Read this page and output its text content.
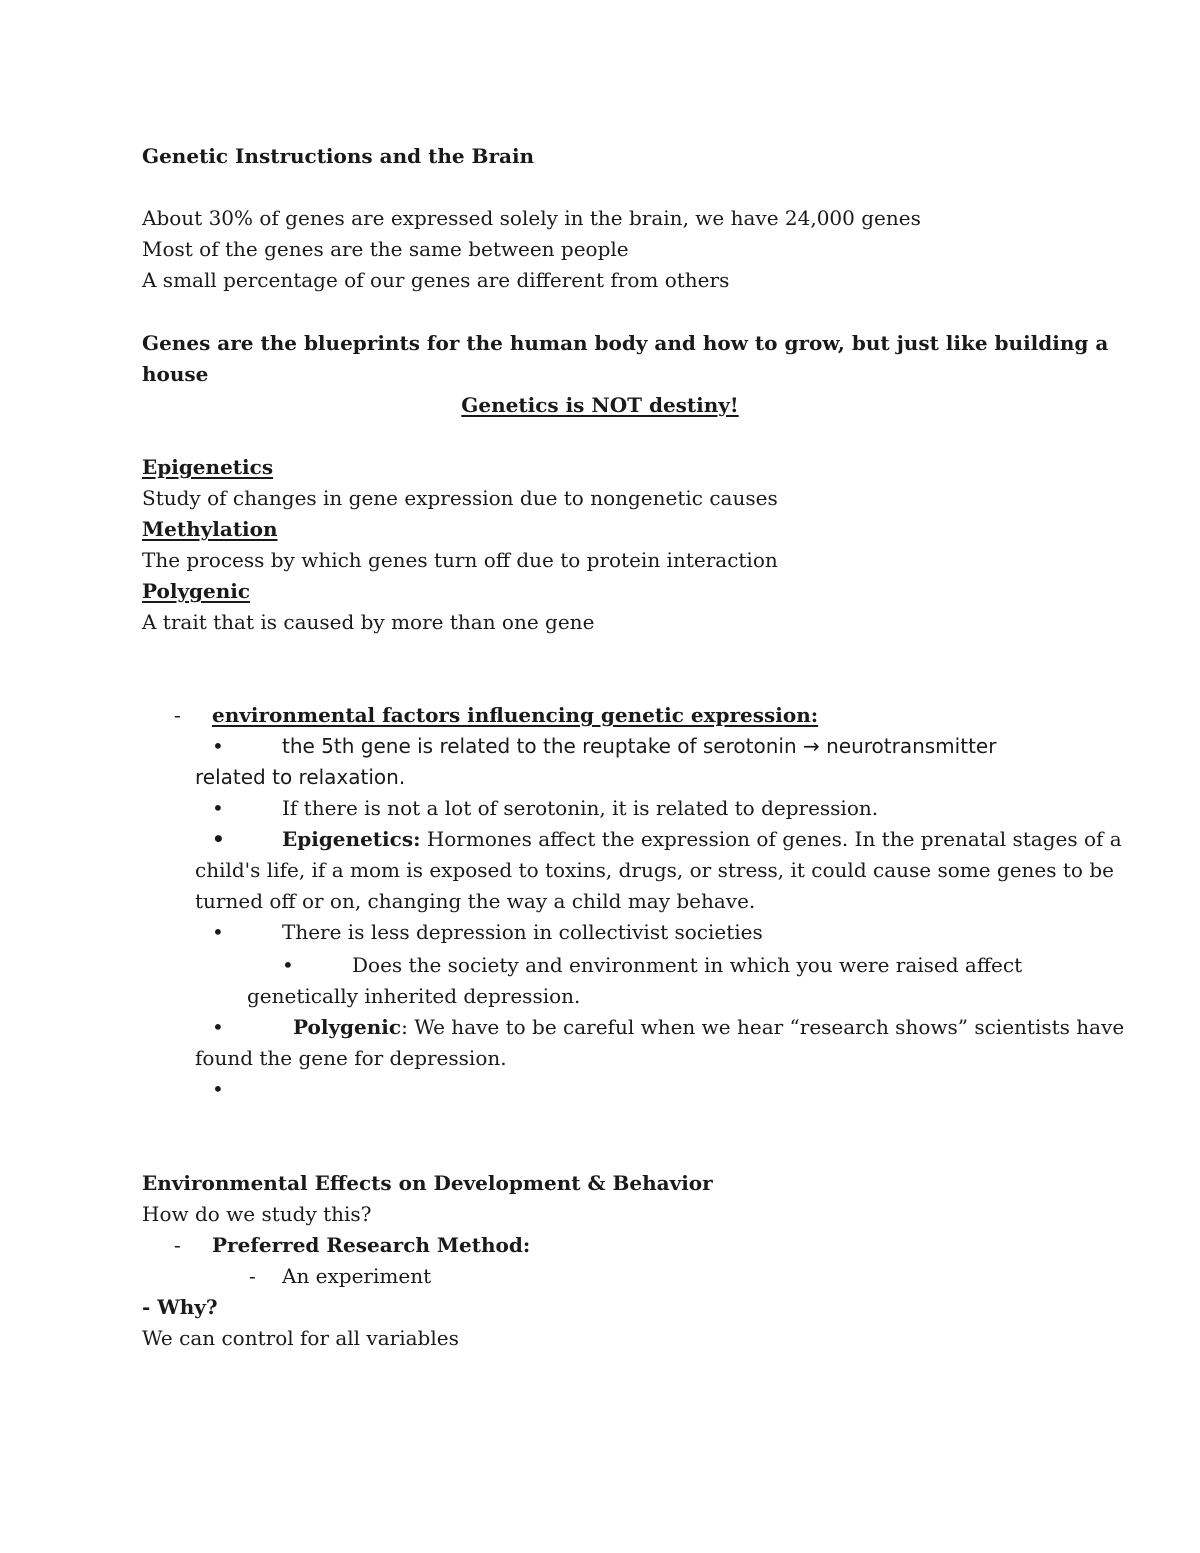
Genetic Instructions and the Brain
About 30% of genes are expressed solely in the brain, we have 24,000 genes
Most of the genes are the same between people
A small percentage of our genes are different from others
Genes are the blueprints for the human body and how to grow, but just like building a
house
Genetics is NOT destiny!
Epigenetics
Study of changes in gene expression due to nongenetic causes
Methylation
The process by which genes turn off due to protein interaction
Polygenic
A trait that is caused by more than one gene
- environmental factors influencing genetic expression:
•	the 5th gene is related to the reuptake of serotonin → neurotransmitter
related to relaxation.
•	If there is not a lot of serotonin, it is related to depression.
•	Epigenetics: Hormones affect the expression of genes. In the prenatal stages of a
child's life, if a mom is exposed to toxins, drugs, or stress, it could cause some genes to be
turned off or on, changing the way a child may behave.
•	There is less depression in collectivist societies
•	Does the society and environment in which you were raised affect
genetically inherited depression.
•	Polygenic: We have to be careful when we hear “research shows” scientists have
found the gene for depression.
•
Environmental Effects on Development & Behavior
How do we study this?
- Preferred Research Method:
- An experiment
- Why?
We can control for all variables
